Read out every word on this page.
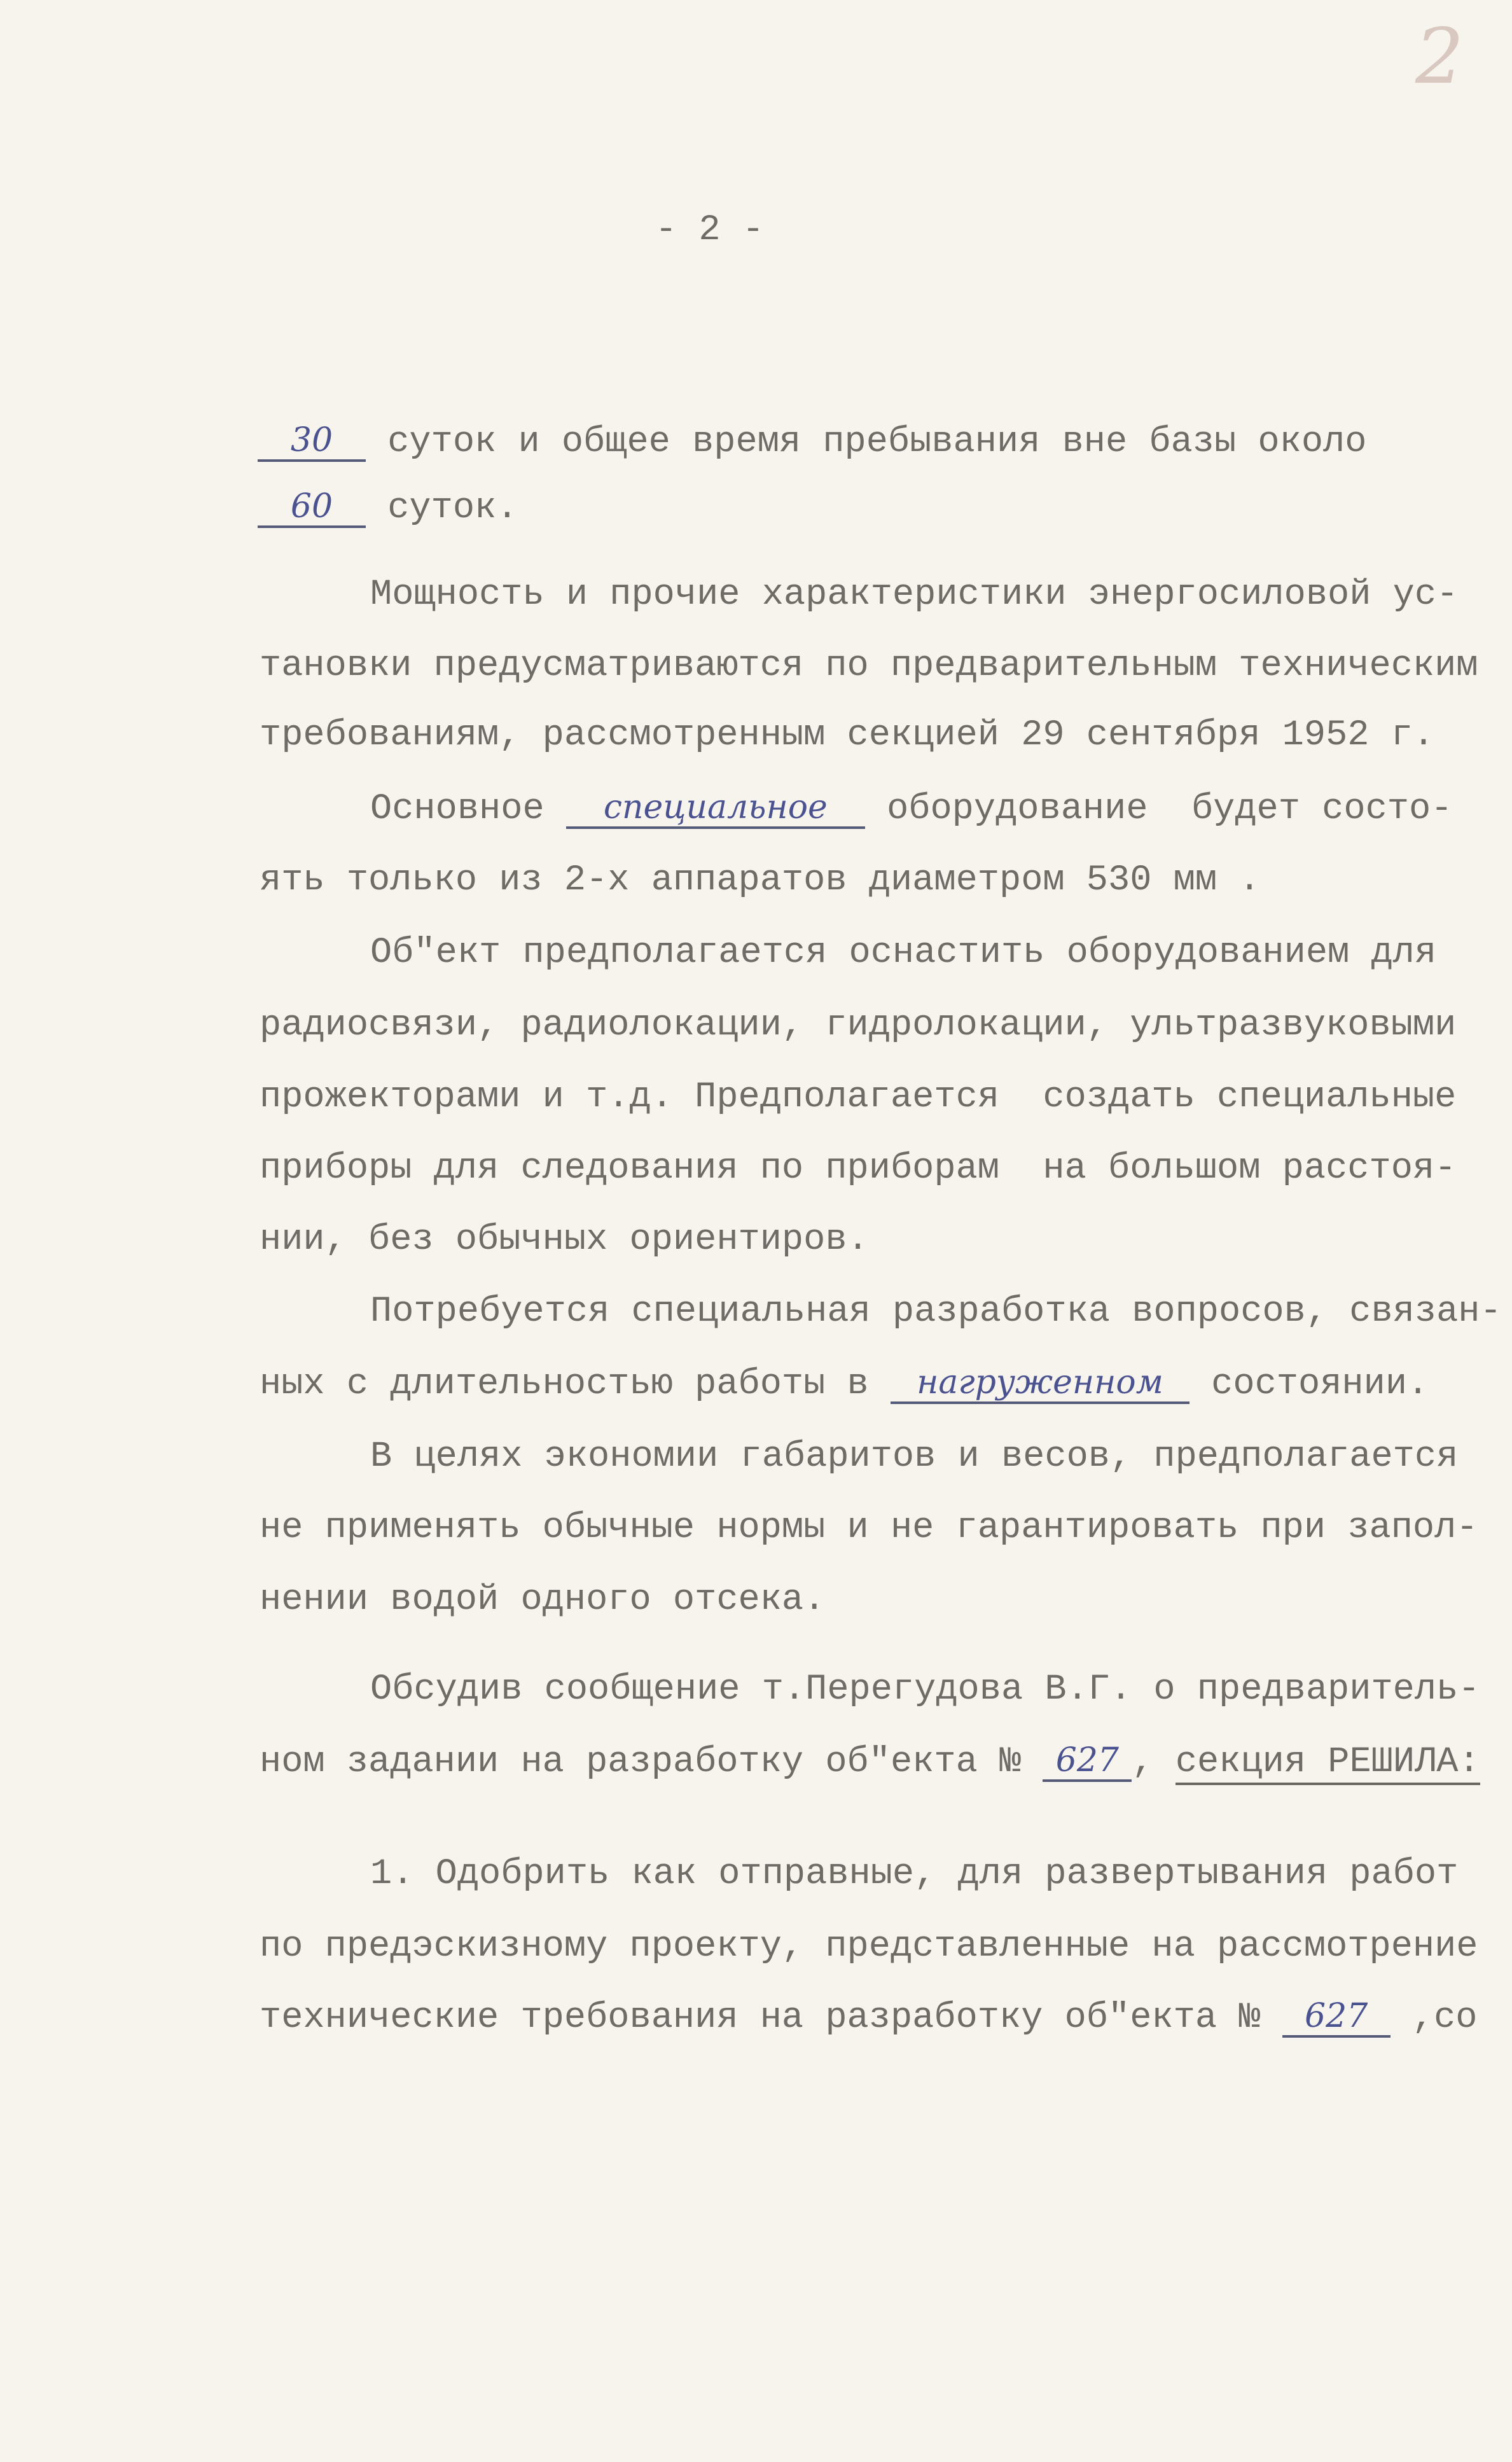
2
- 2 -
30 суток и общее время пребывания вне базы около
60 суток.
Мощность и прочие характеристики энергосиловой ус-
тановки предусматриваются по предварительным техническим
требованиям, рассмотренным секцией 29 сентября 1952 г.
Основное специальное оборудование  будет состо-
ять только из 2-х аппаратов диаметром 530 мм .
Об"ект предполагается оснастить оборудованием для
радиосвязи, радиолокации, гидролокации, ультразвуковыми
прожекторами и т.д. Предполагается  создать специальные
приборы для следования по приборам  на большом расстоя-
нии, без обычных ориентиров.
Потребуется специальная разработка вопросов, связан-
ных с длительностью работы в нагруженном состоянии.
В целях экономии габаритов и весов, предполагается
не применять обычные нормы и не гарантировать при запол-
нении водой одного отсека.
Обсудив сообщение т.Перегудова В.Г. о предваритель-
ном задании на разработку об"екта № 627 , секция РЕШИЛА:
1. Одобрить как отправные, для развертывания работ
по предэскизному проекту, представленные на рассмотрение
технические требования на разработку об"екта № 627 ,со
